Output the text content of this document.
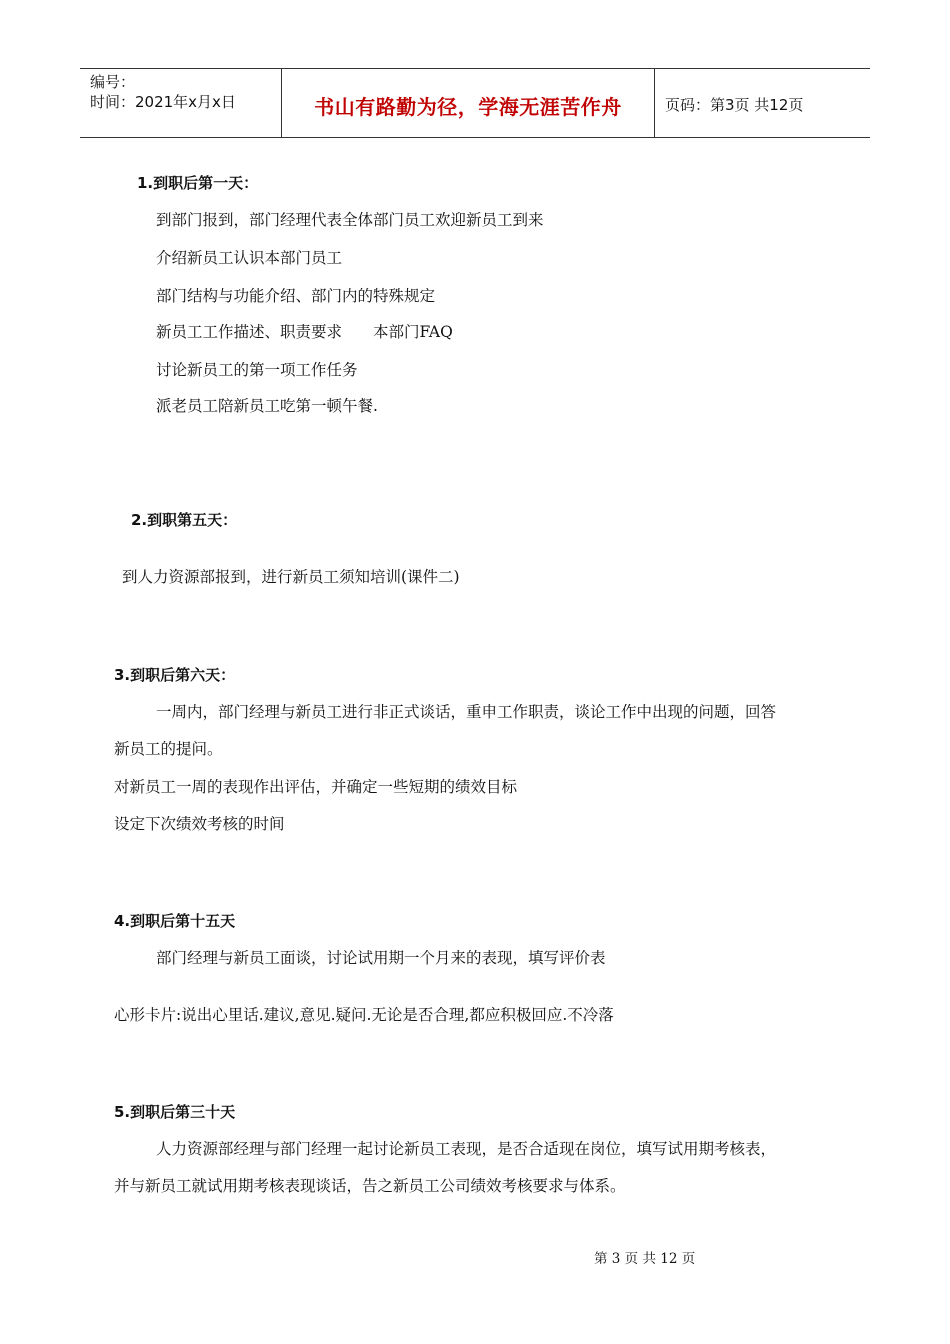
编号：
时间：2021年x月x日	书山有路勤为径，学海无涯苦作舟	页码：第3页 共12页
1.到职后第一天：
到部门报到，部门经理代表全体部门员工欢迎新员工到来
介绍新员工认识本部门员工
部门结构与功能介绍、部门内的特殊规定
新员工工作描述、职责要求　　本部门FAQ
讨论新员工的第一项工作任务
派老员工陪新员工吃第一顿午餐.
2.到职第五天：
到人力资源部报到，进行新员工须知培训(课件二)
3.到职后第六天：
一周内，部门经理与新员工进行非正式谈话，重申工作职责，谈论工作中出现的问题，回答
新员工的提问。
对新员工一周的表现作出评估，并确定一些短期的绩效目标
设定下次绩效考核的时间
4.到职后第十五天
部门经理与新员工面谈，讨论试用期一个月来的表现，填写评价表
心形卡片:说出心里话.建议,意见.疑问.无论是否合理,都应积极回应.不冷落
5.到职后第三十天
人力资源部经理与部门经理一起讨论新员工表现，是否合适现在岗位，填写试用期考核表，
并与新员工就试用期考核表现谈话，告之新员工公司绩效考核要求与体系。
第 3 页 共 12 页
